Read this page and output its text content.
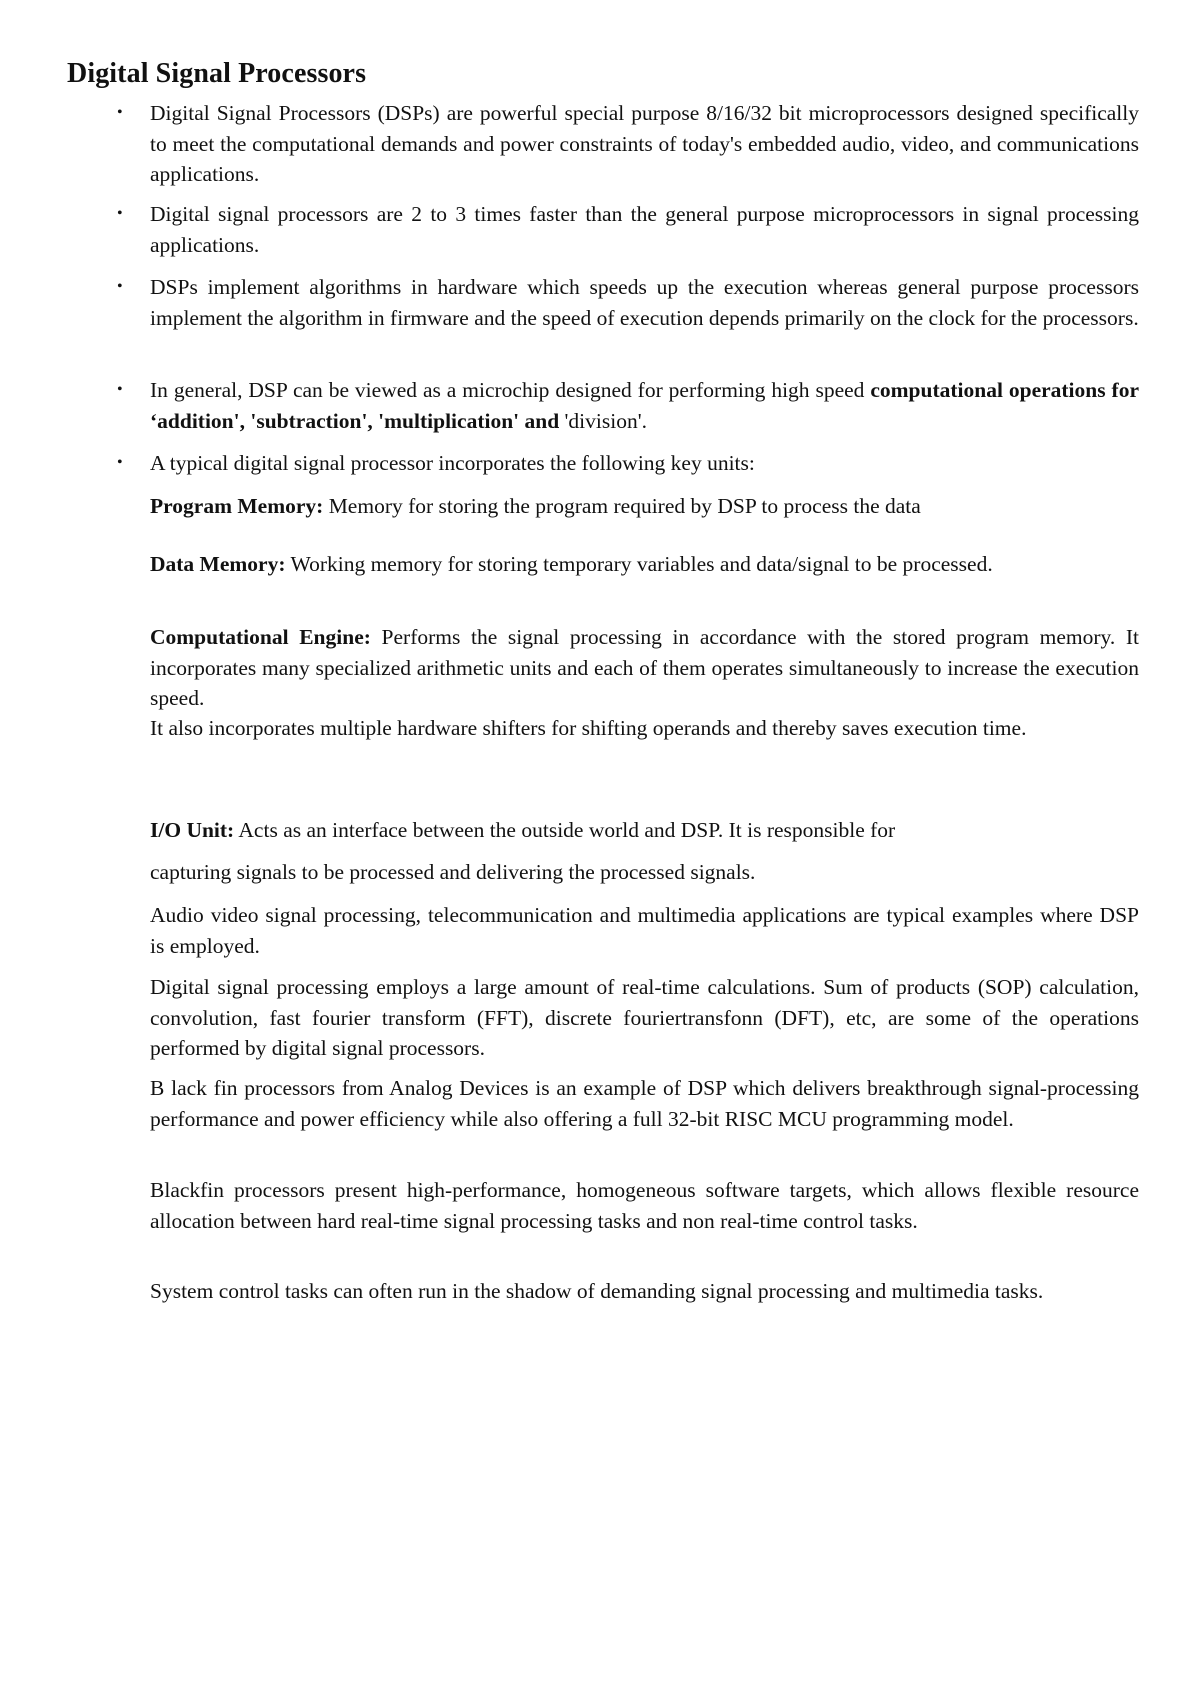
Digital Signal Processors
• Digital Signal Processors (DSPs) are powerful special purpose 8/16/32 bit microprocessors designed specifically to meet the computational demands and power constraints of today's embedded audio, video, and communications applications.

• Digital signal processors are 2 to 3 times faster than the general purpose microprocessors in signal processing applications.

• DSPs implement algorithms in hardware which speeds up the execution whereas general purpose processors implement the algorithm in firmware and the speed of execution depends primarily on the clock for the processors.

• In general, DSP can be viewed as a microchip designed for performing high speed computational operations for ‘addition', 'subtraction', 'multiplication' and 'division'.

• A typical digital signal processor incorporates the following key units:

Program Memory: Memory for storing the program required by DSP to process the data

Data Memory: Working memory for storing temporary variables and data/signal to be processed.

Computational Engine: Performs the signal processing in accordance with the stored program memory. It incorporates many specialized arithmetic units and each of them operates simultaneously to increase the execution speed.

It also incorporates multiple hardware shifters for shifting operands and thereby saves execution time.

I/O Unit: Acts as an interface between the outside world and DSP. It is responsible for

capturing signals to be processed and delivering the processed signals.

Audio video signal processing, telecommunication and multimedia applications are typical examples where DSP is employed.

Digital signal processing employs a large amount of real-time calculations. Sum of products (SOP) calculation, convolution, fast fourier transform (FFT), discrete fouriertransfonn (DFT), etc, are some of the operations performed by digital signal processors.

B lack fin processors from Analog Devices is an example of DSP which delivers breakthrough signal-processing performance and power efficiency while also offering a full 32-bit RISC MCU programming model.

Blackfin processors present high-performance, homogeneous software targets, which allows flexible resource allocation between hard real-time signal processing tasks and non real-time control tasks.

System control tasks can often run in the shadow of demanding signal processing and multimedia tasks.
